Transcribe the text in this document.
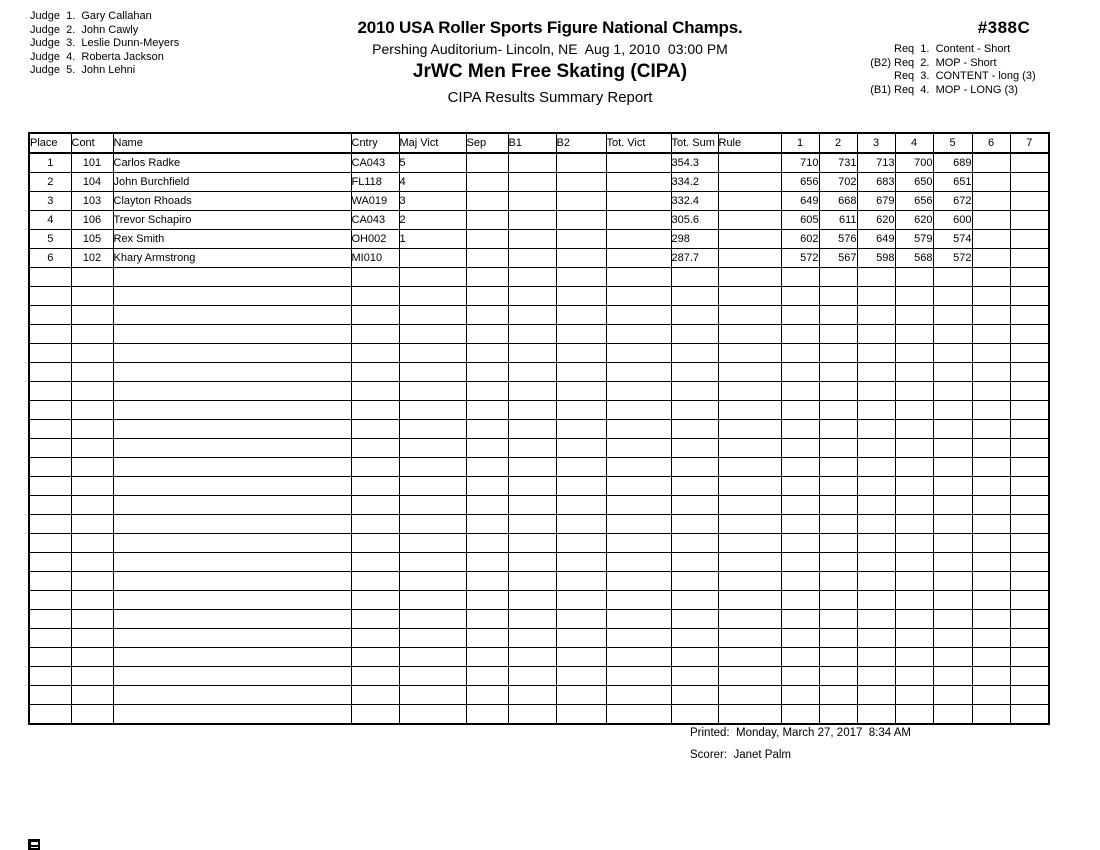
Judge  1.  Gary Callahan
Judge  2.  John Cawly
Judge  3.  Leslie Dunn-Meyers
Judge  4.  Roberta Jackson
Judge  5.  John Lehni
2010 USA Roller Sports Figure National Champs.
Pershing Auditorium- Lincoln, NE  Aug 1, 2010  03:00 PM
JrWC Men Free Skating (CIPA)
CIPA Results Summary Report
#388C
Req  1.  Content - Short
(B2) Req  2.  MOP - Short
Req  3.  CONTENT - long (3)
(B1) Req  4.  MOP - LONG (3)
Place	Cont	Name	Cntry	Maj Vict	Sep	B1	B2	Tot. Vict	Tot. Sum	Rule	1	2	3	4	5	6	7
1	101	Carlos Radke	CA043	5					354.3		710	731	713	700	689		
2	104	John Burchfield	FL118	4					334.2		656	702	683	650	651		
3	103	Clayton Rhoads	WA019	3					332.4		649	668	679	656	672		
4	106	Trevor Schapiro	CA043	2					305.6		605	611	620	620	600		
5	105	Rex Smith	OH002	1					298		602	576	649	579	574		
6	102	Khary Armstrong	MI010						287.7		572	567	598	568	572		

Printed:  Monday, March 27, 2017  8:34 AM
Scorer:  Janet Palm
